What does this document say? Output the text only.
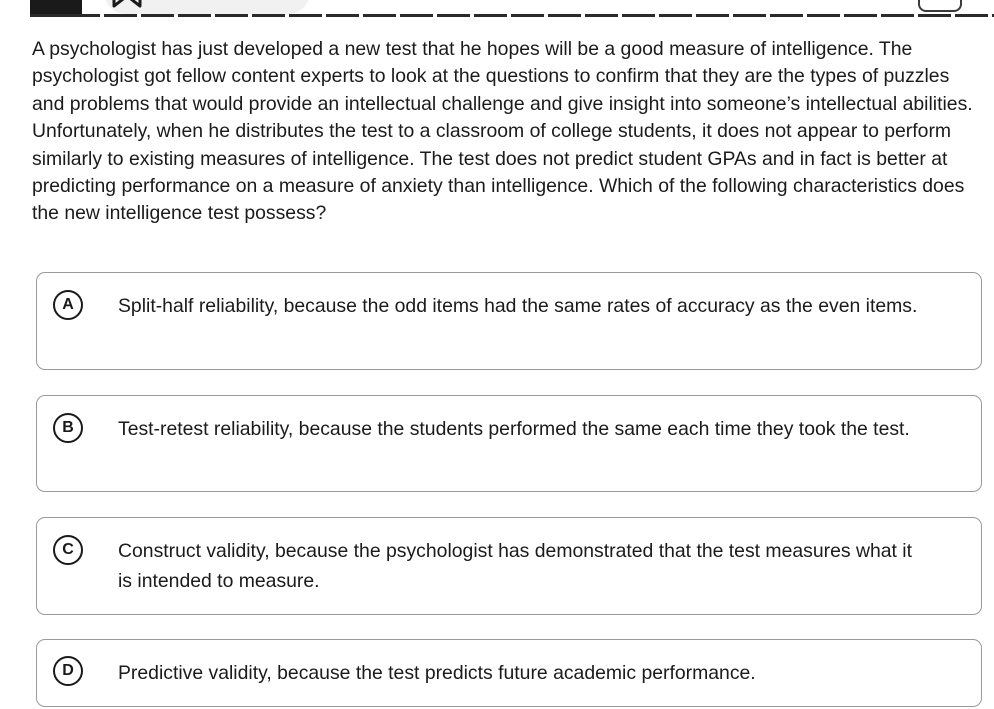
A psychologist has just developed a new test that he hopes will be a good measure of intelligence. The psychologist got fellow content experts to look at the questions to confirm that they are the types of puzzles and problems that would provide an intellectual challenge and give insight into someone’s intellectual abilities. Unfortunately, when he distributes the test to a classroom of college students, it does not appear to perform similarly to existing measures of intelligence. The test does not predict student GPAs and in fact is better at predicting performance on a measure of anxiety than intelligence. Which of the following characteristics does the new intelligence test possess?

A	Split-half reliability, because the odd items had the same rates of accuracy as the even items.
B	Test-retest reliability, because the students performed the same each time they took the test.
C	Construct validity, because the psychologist has demonstrated that the test measures what it is intended to measure.
D	Predictive validity, because the test predicts future academic performance.
